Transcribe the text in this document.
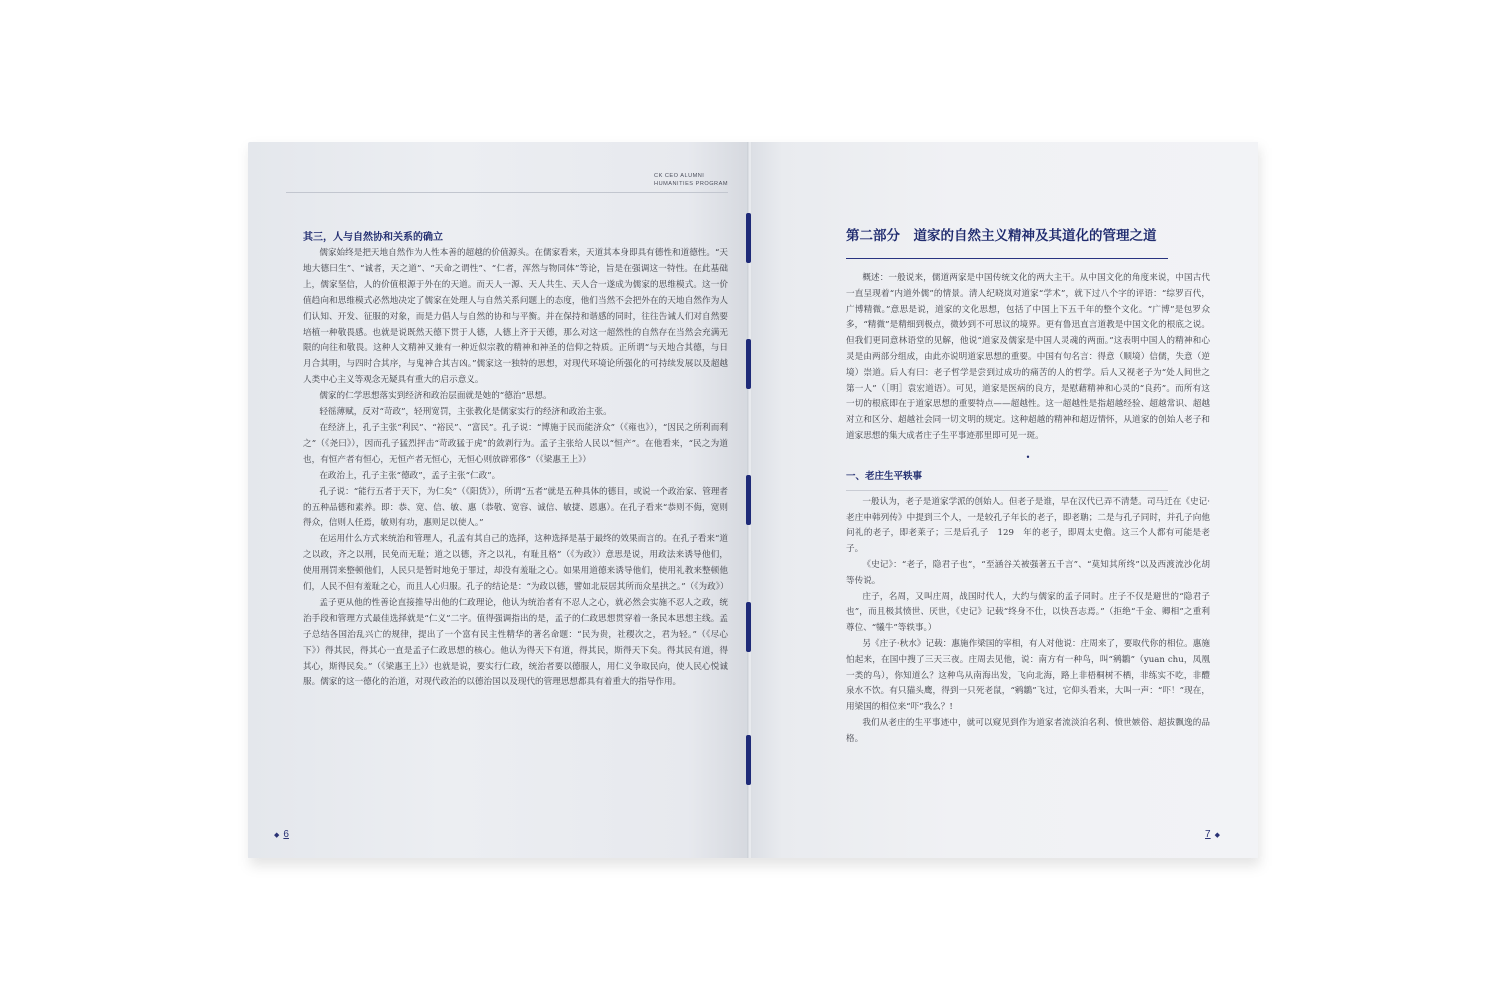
CK CEO ALUMNI
HUMANITIES PROGRAM
其三，人与自然协和关系的确立

儒家始终是把天地自然作为人性本善的超越的价值源头。在儒家看来，天道其本身即具有德性和道德性。“天地大德曰生”、“诚者，天之道”、“天命之谓性”、“仁者，浑然与物同体”等论，旨是在强调这一特性。在此基础上，儒家坚信，人的价值根源于外在的天道。而天人一源、天人共生、天人合一遂成为儒家的思维模式。这一价值趋向和思维模式必然地决定了儒家在处理人与自然关系问题上的态度，他们当然不会把外在的天地自然作为人们认知、开发、征服的对象，而是力倡人与自然的协和与平衡。并在保持和谐感的同时，往往告诫人们对自然要培植一种敬畏感。也就是说既然天德下贯于人德，人德上齐于天德，那么对这一超然性的自然存在当然会充满无限的向往和敬畏。这种人文精神又兼有一种近似宗教的精神和神圣的信仰之特质。正所谓“与天地合其德，与日月合其明，与四时合其序，与鬼神合其吉凶。”儒家这一独特的思想，对现代环境论所强化的可持续发展以及超越人类中心主义等观念无疑具有重大的启示意义。

儒家的仁学思想落实到经济和政治层面就是她的“德治”思想。

轻徭薄赋，反对“苛政”，轻刑宽罚，主张教化是儒家实行的经济和政治主张。

在经济上，孔子主张“利民”、“裕民”、“富民”。孔子说：“博施于民而能济众”（《雍也》），“因民之所利而利之”（《尧曰》），因而孔子猛烈抨击“苛政猛于虎”的敛剥行为。孟子主张给人民以“恒产”。在他看来，“民之为道也，有恒产者有恒心，无恒产者无恒心，无恒心则放辟邪侈”（《梁惠王上》）

在政治上，孔子主张“德政”，孟子主张“仁政”。

孔子说：“能行五者于天下，为仁矣”（《阳货》），所谓“五者”就是五种具体的德目，或说一个政治家、管理者的五种品德和素养。即：恭、宽、信、敏、惠（恭敬、宽容、诚信、敏捷、恩惠）。在孔子看来“恭则不侮，宽则得众，信则人任焉，敏则有功，惠则足以使人。”

在运用什么方式来统治和管理人，孔孟有其自己的选择，这种选择是基于最终的效果而言的。在孔子看来“道之以政，齐之以刑，民免而无耻；道之以德，齐之以礼，有耻且格”（《为政》）意思是说，用政法来诱导他们，使用刑罚来整顿他们，人民只是暂时地免于罪过，却没有羞耻之心。如果用道德来诱导他们，使用礼教来整顿他们，人民不但有羞耻之心，而且人心归服。孔子的结论是：“为政以德，譬如北辰居其所而众星拱之。”（《为政》）

孟子更从他的性善论直接推导出他的仁政理论，他认为统治者有不忍人之心，就必然会实施不忍人之政，统治手段和管理方式最佳选择就是“仁义”二字。值得强调指出的是，孟子的仁政思想贯穿着一条民本思想主线。孟子总结各国治乱兴亡的规律，提出了一个富有民主性精华的著名命题：“民为贵，社稷次之，君为轻。”（《尽心下》）得其民，得其心一直是孟子仁政思想的核心。他认为得天下有道，得其民，斯得天下矣。得其民有道，得其心，斯得民矣。”（《梁惠王上》）也就是说，要实行仁政，统治者要以德服人，用仁义争取民向，使人民心悦诚服。儒家的这一德化的治道，对现代政治的以德治国以及现代的管理思想都具有着重大的指导作用。

◆ 6
第二部分　道家的自然主义精神及其道化的管理之道

概述：一般说来，儒道两家是中国传统文化的两大主干。从中国文化的角度来说，中国古代一直呈现着“内道外儒”的情景。清人纪晓岚对道家“学术”，就下过八个字的评语：“综罗百代，广博精微。”意思是说，道家的文化思想，包括了中国上下五千年的整个文化。“广博”是包罗众多，“精微”是精细到极点，微妙到不可思议的境界。更有鲁迅直言道教是中国文化的根底之说。但我们更同意林语堂的见解，他说“道家及儒家是中国人灵魂的两面。”这表明中国人的精神和心灵是由两部分组成，由此亦说明道家思想的重要。中国有句名言：得意（顺境）信儒，失意（逆境）崇道。后人有曰：老子哲学是尝到过成功的痛苦的人的哲学。后人又视老子为“处人间世之第一人”（［明］袁宏道语）。可见，道家是医病的良方，是慰藉精神和心灵的“良药”。而所有这一切的根底即在于道家思想的重要特点——超越性。这一超越性是指超越经验、超越常识、超越对立和区分、超越社会同一切文明的规定。这种超越的精神和超迈情怀，从道家的创始人老子和道家思想的集大成者庄子生平事迹那里即可见一斑。

•
一、老庄生平轶事

一般认为，老子是道家学派的创始人。但老子是谁，早在汉代已弄不清楚。司马迁在《史记·老庄申韩列传》中提到三个人，一是较孔子年长的老子，即老聃；二是与孔子同时，并孔子向他问礼的老子，即老莱子；三是后孔子　129　年的老子，即周太史儋。这三个人都有可能是老子。

《史记》：“老子，隐君子也”，“至涵谷关被强著五千言”、“莫知其所终”以及西渡流沙化胡等传说。

庄子，名周，又叫庄周，战国时代人，大约与儒家的孟子同时。庄子不仅是避世的“隐君子也”，而且极其愤世、厌世，《史记》记载“终身不仕，以快吾志焉。”（拒绝“千金、卿相”之重利尊位、“犧牛”等轶事。）

另《庄子·秋水》记载：惠施作梁国的宰相，有人对他说：庄周来了，要取代你的相位。惠施怕起来，在国中搜了三天三夜。庄周去见他，说：南方有一种鸟，叫“鹓鶵”（yuan chu，凤凰一类的鸟），你知道么？这种鸟从南海出发，飞向北海，路上非梧桐树不栖，非练实不吃，非醴泉水不饮。有只猫头鹰，得到一只死老鼠，“鹓鶵”飞过，它仰头看来，大叫一声：“吓！”现在，用梁国的相位来“吓”我么？!

我们从老庄的生平事迹中，就可以窥见到作为道家者流淡泊名利、愤世嫉俗、超拔飘逸的品格。

7 ◆
